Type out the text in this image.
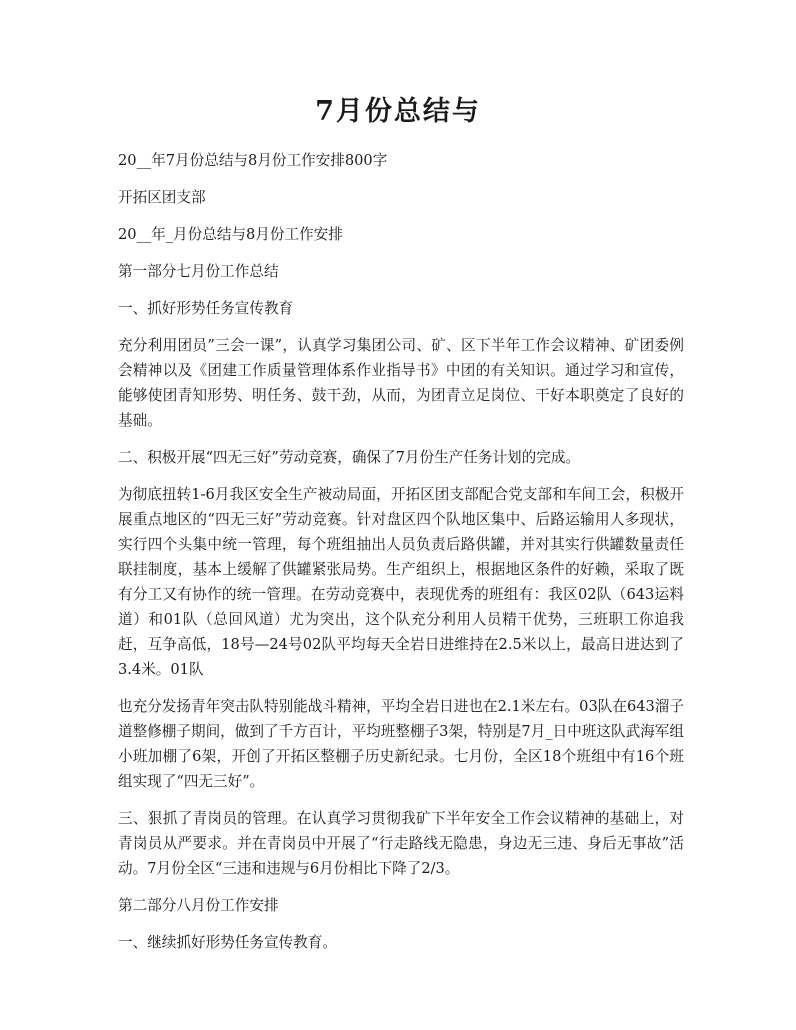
7月份总结与

20__年7月份总结与8月份工作安排800字

开拓区团支部

20__年_月份总结与8月份工作安排

第一部分七月份工作总结

一、抓好形势任务宣传教育

充分利用团员”三会一课”，认真学习集团公司、矿、区下半年工作会议精神、矿团委例会精神以及《团建工作质量管理体系作业指导书》中团的有关知识。通过学习和宣传，能够使团青知形势、明任务、鼓干劲，从而，为团青立足岗位、干好本职奠定了良好的基础。

二、积极开展“四无三好”劳动竞赛，确保了7月份生产任务计划的完成。

为彻底扭转1-6月我区安全生产被动局面，开拓区团支部配合党支部和车间工会，积极开展重点地区的“四无三好”劳动竞赛。针对盘区四个队地区集中、后路运输用人多现状，实行四个头集中统一管理，每个班组抽出人员负责后路供罐，并对其实行供罐数量责任联挂制度，基本上缓解了供罐紧张局势。生产组织上，根据地区条件的好赖，采取了既有分工又有协作的统一管理。在劳动竞赛中，表现优秀的班组有：我区02队（643运料道）和01队（总回风道）尤为突出，这个队充分利用人员精干优势，三班职工你追我赶，互争高低，18号—24号02队平均每天全岩日进维持在2.5米以上，最高日进达到了3.4米。01队

也充分发扬青年突击队特别能战斗精神，平均全岩日进也在2.1米左右。03队在643溜子道整修棚子期间，做到了千方百计，平均班整棚子3架，特别是7月_日中班这队武海军组小班加棚了6架，开创了开拓区整棚子历史新纪录。七月份，全区18个班组中有16个班组实现了“四无三好”。

三、狠抓了青岗员的管理。在认真学习贯彻我矿下半年安全工作会议精神的基础上，对青岗员从严要求。并在青岗员中开展了“行走路线无隐患，身边无三违、身后无事故”活动。7月份全区“三违和违规与6月份相比下降了2/3。

第二部分八月份工作安排

一、继续抓好形势任务宣传教育。
